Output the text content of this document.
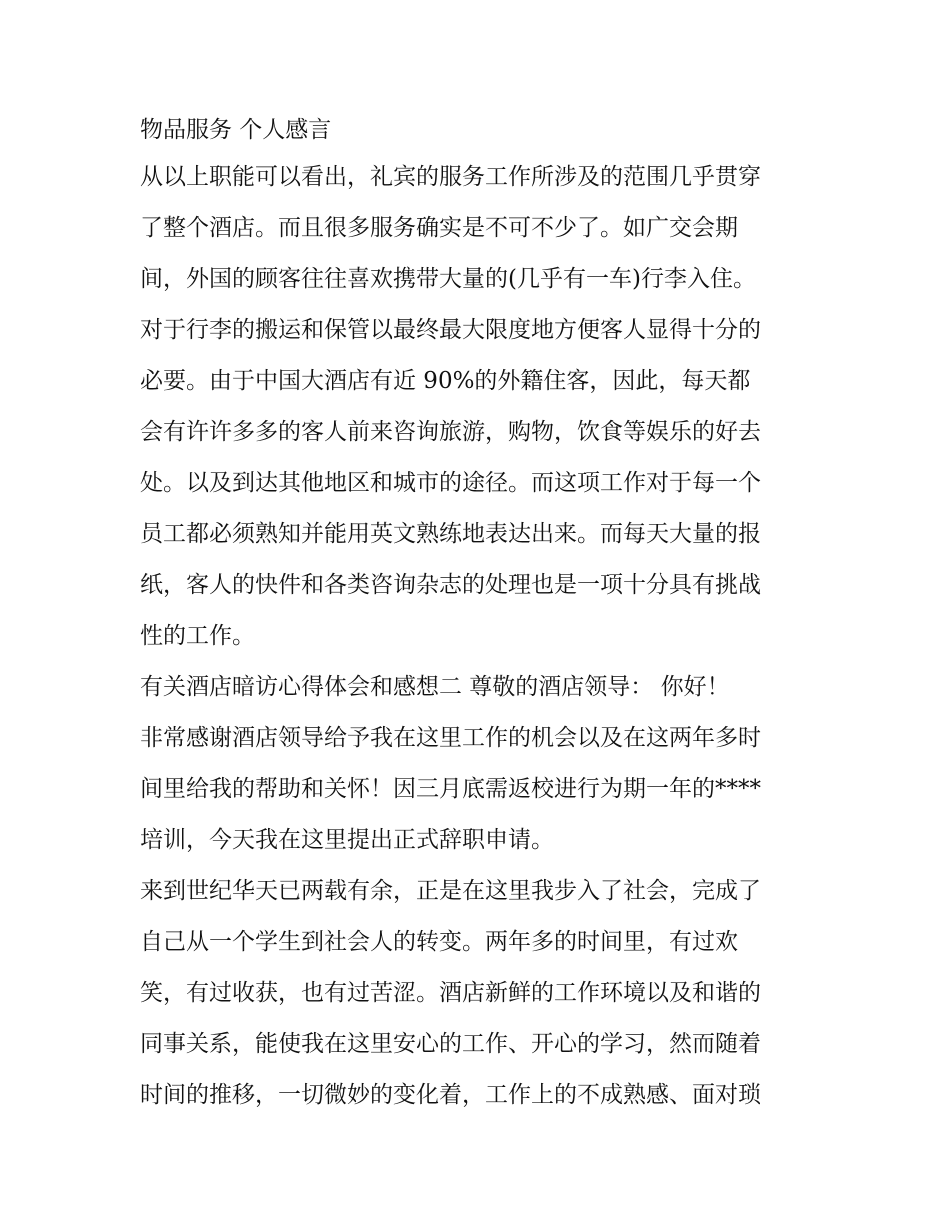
物品服务 个人感言
从以上职能可以看出，礼宾的服务工作所涉及的范围几乎贯穿
了整个酒店。而且很多服务确实是不可不少了。如广交会期
间，外国的顾客往往喜欢携带大量的(几乎有一车)行李入住。
对于行李的搬运和保管以最终最大限度地方便客人显得十分的
必要。由于中国大酒店有近 90%的外籍住客，因此，每天都
会有许许多多的客人前来咨询旅游，购物，饮食等娱乐的好去
处。以及到达其他地区和城市的途径。而这项工作对于每一个
员工都必须熟知并能用英文熟练地表达出来。而每天大量的报
纸，客人的快件和各类咨询杂志的处理也是一项十分具有挑战
性的工作。
有关酒店暗访心得体会和感想二 尊敬的酒店领导： 你好！
非常感谢酒店领导给予我在这里工作的机会以及在这两年多时
间里给我的帮助和关怀！因三月底需返校进行为期一年的****
培训，今天我在这里提出正式辞职申请。
来到世纪华天已两载有余，正是在这里我步入了社会，完成了
自己从一个学生到社会人的转变。两年多的时间里，有过欢
笑，有过收获，也有过苦涩。酒店新鲜的工作环境以及和谐的
同事关系，能使我在这里安心的工作、开心的学习，然而随着
时间的推移，一切微妙的变化着，工作上的不成熟感、面对琐
